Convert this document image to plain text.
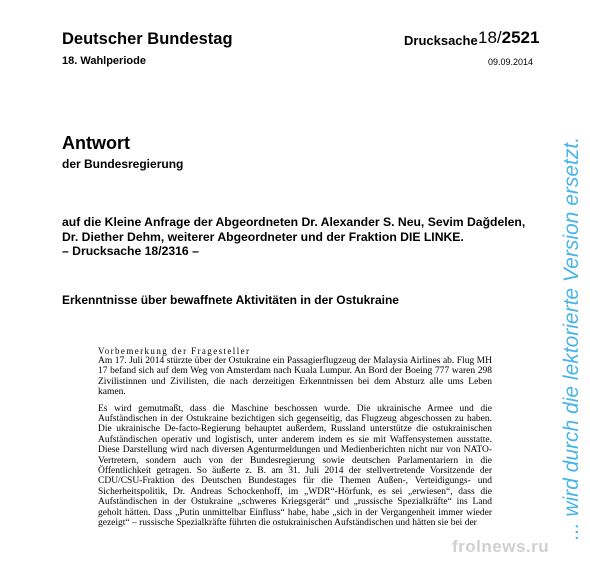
Deutscher Bundestag	Drucksache 18/2521
18. Wahlperiode	09.09.2014
Antwort
der Bundesregierung
auf die Kleine Anfrage der Abgeordneten Dr. Alexander S. Neu, Sevim Dağdelen,
Dr. Diether Dehm, weiterer Abgeordneter und der Fraktion DIE LINKE.
– Drucksache 18/2316 –
Erkenntnisse über bewaffnete Aktivitäten in der Ostukraine
Vorbemerkung der Fragesteller

Am 17. Juli 2014 stürzte über der Ostukraine ein Passagierflugzeug der Malaysia Airlines ab. Flug MH 17 befand sich auf dem Weg von Amsterdam nach Kuala Lumpur. An Bord der Boeing 777 waren 298 Zivilistinnen und Zivilisten, die nach derzeitigen Erkenntnissen bei dem Absturz alle ums Leben kamen.

Es wird gemutmaßt, dass die Maschine beschossen wurde. Die ukrainische Armee und die Aufständischen in der Ostukraine bezichtigen sich gegenseitig, das Flugzeug abgeschossen zu haben. Die ukrainische De-facto-Regierung behauptet außerdem, Russland unterstütze die ostukrainischen Aufständischen operativ und logistisch, unter anderem indem es sie mit Waffensystemen ausstatte. Diese Darstellung wird nach diversen Agenturmeldungen und Medienberichten nicht nur von NATO-Vertretern, sondern auch von der Bundesregierung sowie deutschen Parlamentariern in die Öffentlichkeit getragen. So äußerte z. B. am 31. Juli 2014 der stellvertretende Vorsitzende der CDU/CSU-Fraktion des Deutschen Bundestages für die Themen Außen-, Verteidigungs- und Sicherheitspolitik, Dr. Andreas Schockenhoff, im „WDR“-Hörfunk, es sei „erwiesen“, dass die Aufständischen in der Ostukraine „schweres Kriegsgerät“ und „russische Spezialkräfte“ ins Land geholt hätten. Dass „Putin unmittelbar Einfluss“ habe, habe „sich in der Vergangenheit immer wieder gezeigt“ – russische Spezialkräfte führten die ostukrainischen Aufständischen und hätten sie bei der	... wird durch die lektorierte Version ersetzt.
frolnews.ru
